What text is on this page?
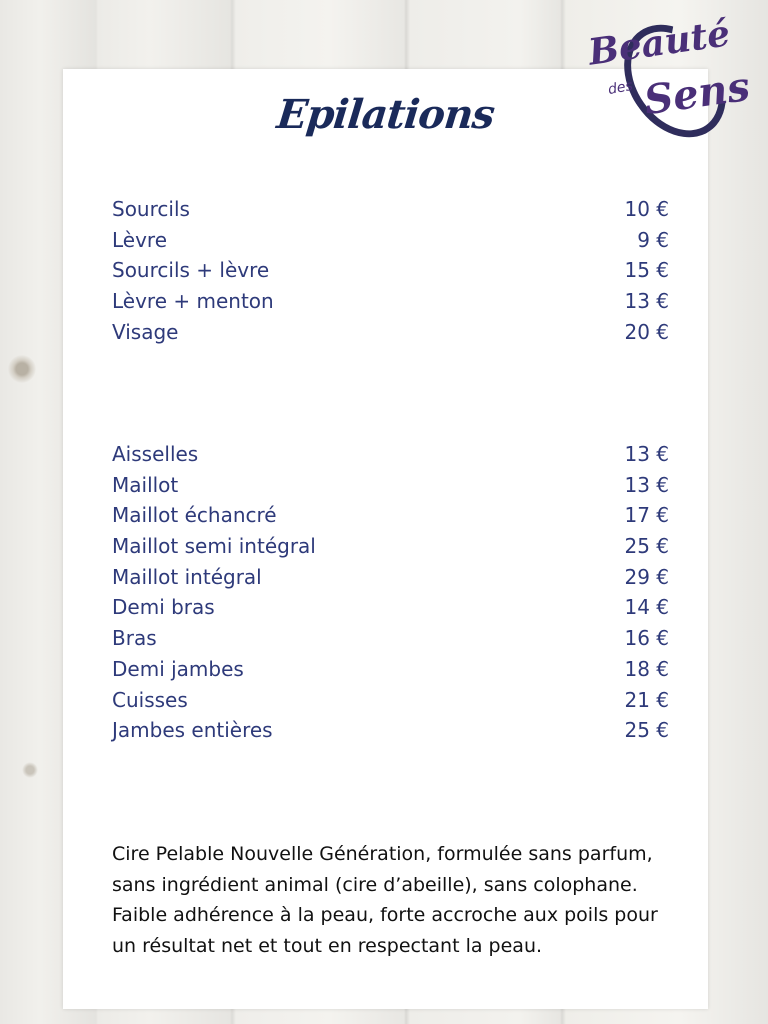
Epilations
Sourcils	10 €
Lèvre	9 €
Sourcils + lèvre	15 €
Lèvre + menton	13 €
Visage	20 €
Aisselles	13 €
Maillot	13 €
Maillot échancré	17 €
Maillot semi intégral	25 €
Maillot intégral	29 €
Demi bras	14 €
Bras	16 €
Demi jambes	18 €
Cuisses	21 €
Jambes entières	25 €

Cire Pelable Nouvelle Génération, formulée sans parfum, sans ingrédient animal (cire d’abeille), sans colophane.

Faible adhérence à la peau, forte accroche aux poils pour un résultat net et tout en respectant la peau.

Beauté
des Sens
